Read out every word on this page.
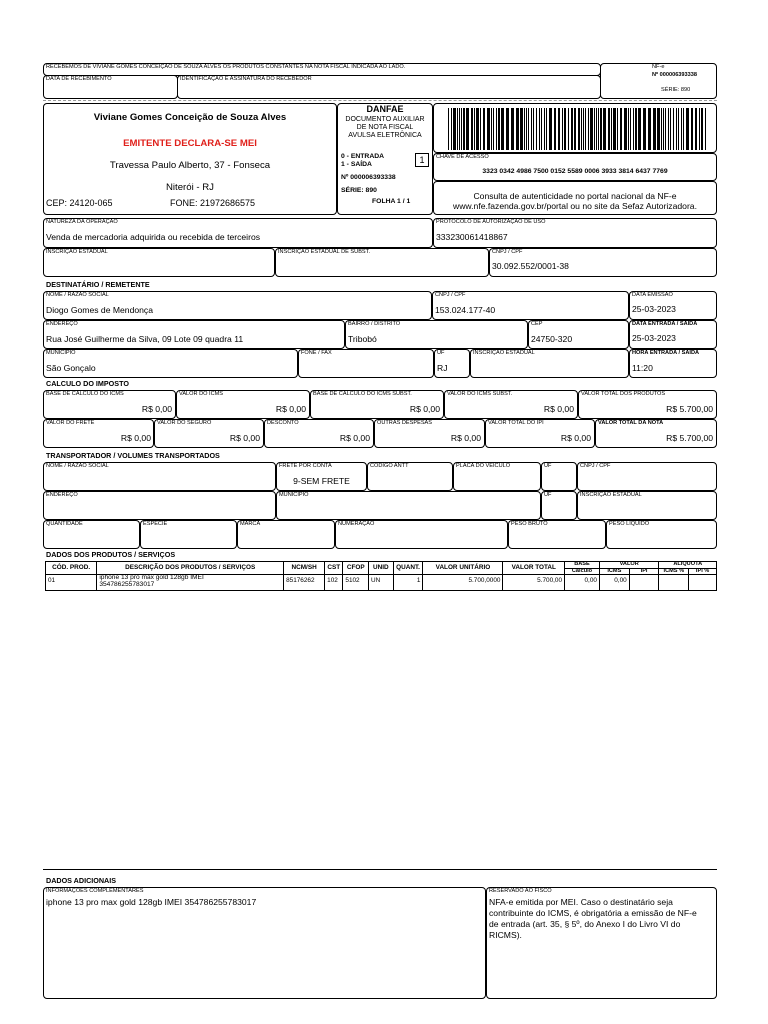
RECEBEMOS DE VIVIANE GOMES CONCEIÇÃO DE SOUZA ALVES OS PRODUTOS CONSTANTES NA NOTA FISCAL INDICADA AO LADO.
DATA DE RECEBIMENTO	IDENTIFICAÇÃO E ASSINATURA DO RECEBEDOR
NF-e
Nº 000006393338
SÉRIE: 890
Viviane Gomes Conceição de Souza Alves
EMITENTE DECLARA-SE MEI
Travessa Paulo Alberto, 37 - Fonseca
Niterói - RJ
CEP: 24120-065	FONE: 21972686575
DANFAE
DOCUMENTO AUXILIAR
DE NOTA FISCAL
AVULSA ELETRÔNICA
0 - ENTRADA
1 - SAÍDA	1
Nº 000006393338
SÉRIE: 890
FOLHA 1 / 1
CHAVE DE ACESSO
3323 0342 4986 7500 0152 5589 0006 3933 3814 6437 7769
Consulta de autenticidade no portal nacional da NF-e
www.nfe.fazenda.gov.br/portal ou no site da Sefaz Autorizadora.
NATUREZA DA OPERAÇÃO
Venda de mercadoria adquirida ou recebida de terceiros
PROTOCOLO DE AUTORIZAÇÃO DE USO
333230061418867
INSCRIÇÃO ESTADUAL	INSCRIÇÃO ESTADUAL DE SUBST.	CNPJ / CPF
30.092.552/0001-38
DESTINATÁRIO / REMETENTE
NOME / RAZÃO SOCIAL
Diogo Gomes de Mendonça
CNPJ / CPF
153.024.177-40
DATA EMISSÃO
25-03-2023
ENDEREÇO
Rua José Guilherme da Silva, 09 Lote 09 quadra 11
BAIRRO / DISTRITO
Tribobó
CEP
24750-320
DATA ENTRADA / SAÍDA
25-03-2023
MUNICÍPIO
São Gonçalo
FONE / FAX	UF
RJ
INSCRIÇÃO ESTADUAL	HORA ENTRADA / SAÍDA
11:20
CALCULO DO IMPOSTO
BASE DE CALCULO DO ICMS
R$ 0,00
VALOR DO ICMS
R$ 0,00
BASE DE CALCULO DO ICMS SUBST.
R$ 0,00
VALOR DO ICMS SUBST.
R$ 0,00
VALOR TOTAL DOS PRODUTOS
R$ 5.700,00
VALOR DO FRETE
R$ 0,00
VALOR DO SEGURO
R$ 0,00
DESCONTO
R$ 0,00
OUTRAS DESPESAS
R$ 0,00
VALOR TOTAL DO IPI
R$ 0,00
VALOR TOTAL DA NOTA
R$ 5.700,00
TRANSPORTADOR / VOLUMES TRANSPORTADOS
NOME / RAZÃO SOCIAL	FRETE POR CONTA
9-SEM FRETE
CODIGO ANTT	PLACA DO VEICULO	UF	CNPJ / CPF
ENDEREÇO	MUNICÍPIO	UF	INSCRIÇÃO ESTADUAL
QUANTIDADE	ESPÉCIE	MARCA	NUMERAÇÃO	PESO BRUTO	PESO LIQUIDO
DADOS DOS PRODUTOS / SERVIÇOS
CÓD. PROD.	DESCRIÇÃO DOS PRODUTOS / SERVIÇOS	NCM/SH	CST	CFOP	UNID	QUANT.	VALOR UNITÁRIO	VALOR TOTAL	BASE	VALOR		ALIQUOTA	
									Cálculo	ICMS	IPI	ICMS %	IPI %
01	iphone 13 pro max gold 128gb IMEI
354786255783017	85176262	102	5102	UN	1	5.700,0000	5.700,00	0,00	0,00			
DADOS ADICIONAIS
INFORMAÇÕES COMPLEMENTARES
iphone 13 pro max gold 128gb IMEI 354786255783017
RESERVADO AO FISCO
NFA-e emitida por MEI. Caso o destinatário seja
contribuinte do ICMS, é obrigatória a emissão de NF-e
de entrada (art. 35, § 5º, do Anexo I do Livro VI do
RICMS).
